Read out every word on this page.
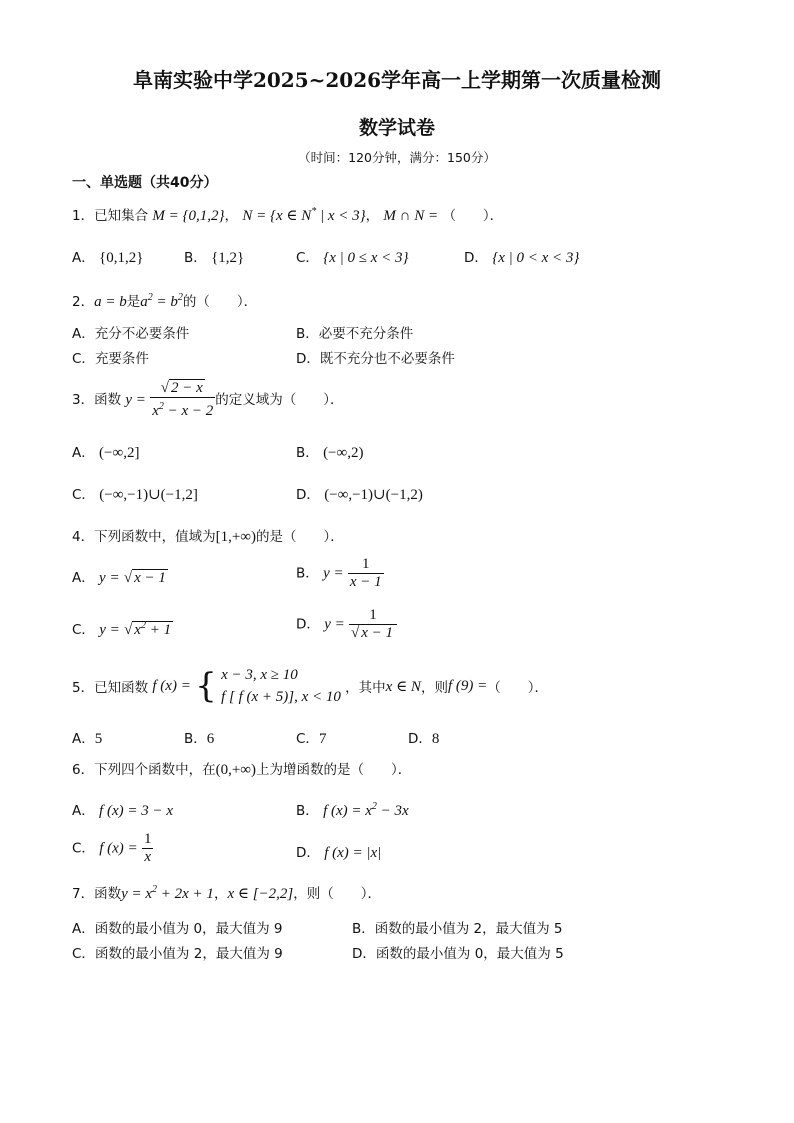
阜南实验中学2025~2026学年高一上学期第一次质量检测
数学试卷
（时间：120分钟，满分：150分）
一、单选题（共40分）
1．已知集合 M = {0,1,2}， N = {x ∈ N* | x < 3}， M ∩ N = （　　）．
A． {0,1,2}	B． {1,2}	C． {x | 0 ≤ x < 3}	D． {x | 0 < x < 3}
2．a = b是$a^2 = b^2$的（　　）．
A．充分不必要条件	B．必要不充分条件
C．充要条件	D．既不充分也不必要条件
3．函数 $y = \frac{√ 2 - x}{x^2 - x - 2}$ 的定义域为（　　）．
A． (−∞,2]	B． (−∞,2)
C． (−∞,−1)∪(−1,2]	D． (−∞,−1)∪(−1,2)
4．下列函数中，值域为[1,+∞)的是（　　）．
A． y = √ x − 1	B． $y = \frac{1}{x - 1}$
C． y = √ $x^2 + 1$	D． $y = \frac{1}{√ x - 1}$
5．已知函数 f (x) = { x − 3, x ≥ 10
f [ f (x + 5)], x < 10
，其中x ∈ N，则f (9) =（　　）．
A．5	B．6	C．7	D．8
6．下列四个函数中，在(0,+∞)上为增函数的是（　　）．
A． f (x) = 3 − x	B． f $(x) = x^2 - 3x$
C． f $(x) = \frac{1}{x}$	D． f (x) = |x|
7．函数$y = x^2 + 2x + 1$，x ∈ [−2,2]，则（　　）．
A．函数的最小值为 0，最大值为 9	B．函数的最小值为 2，最大值为 5
C．函数的最小值为 2，最大值为 9	D．函数的最小值为 0，最大值为 5
